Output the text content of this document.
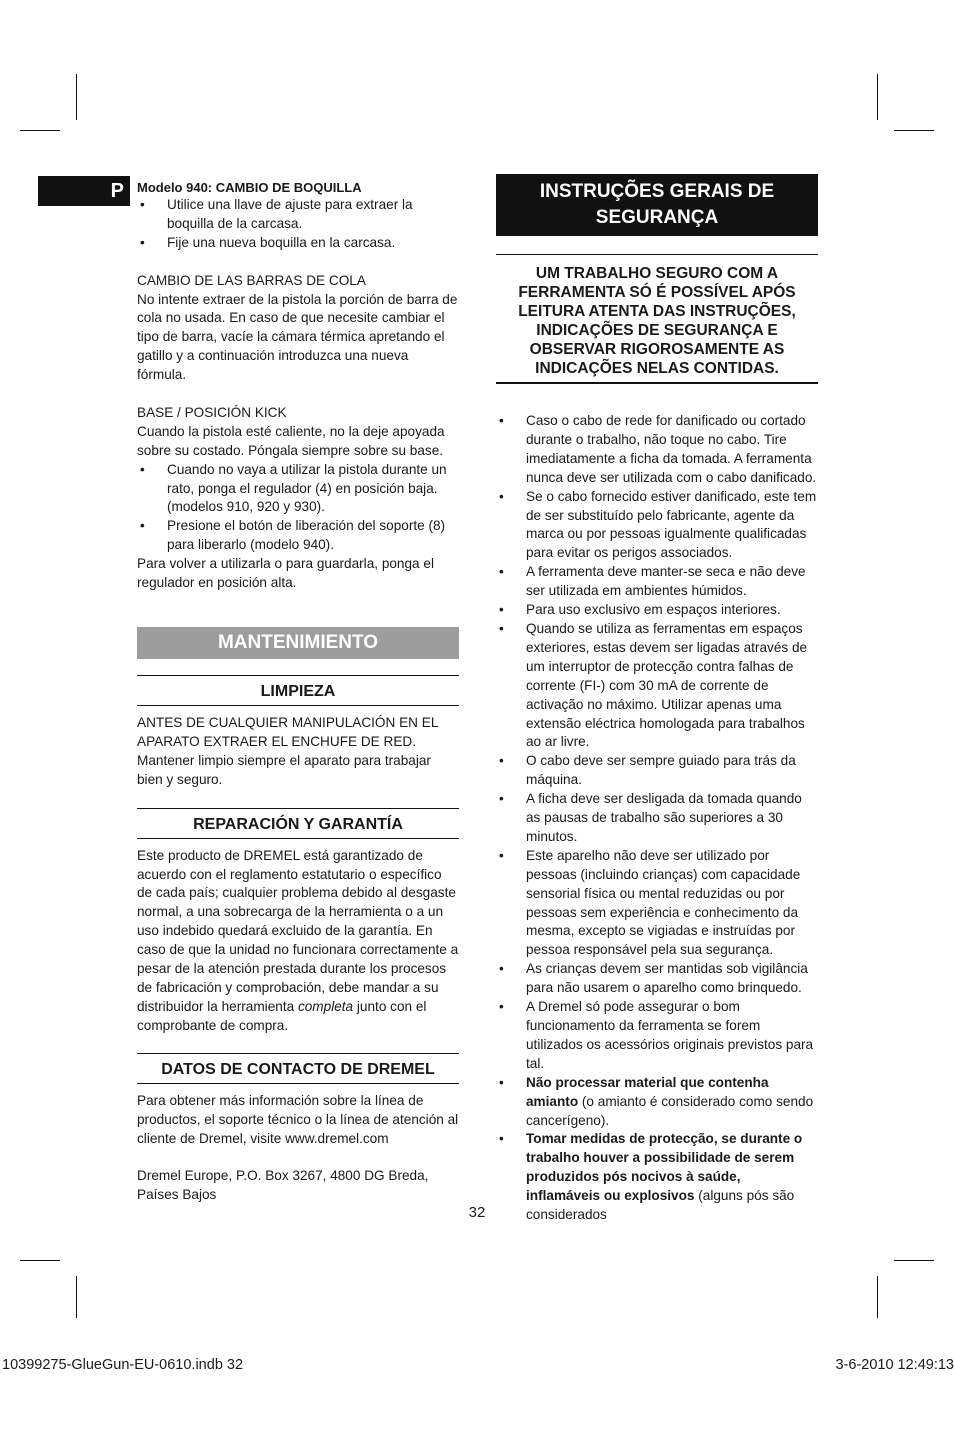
P Modelo 940: CAMBIO DE BOQUILLA

• Utilice una llave de ajuste para extraer la boquilla de la carcasa.
• Fije una nueva boquilla en la carcasa.

CAMBIO DE LAS BARRAS DE COLA

No intente extraer de la pistola la porción de barra de cola no usada. En caso de que necesite cambiar el tipo de barra, vacíe la cámara térmica apretando el gatillo y a continuación introduzca una nueva fórmula.

BASE / POSICIÓN KICK

Cuando la pistola esté caliente, no la deje apoyada sobre su costado. Póngala siempre sobre su base.

• Cuando no vaya a utilizar la pistola durante un rato, ponga el regulador (4) en posición baja. (modelos 910, 920 y 930).
• Presione el botón de liberación del soporte (8) para liberarlo (modelo 940).

Para volver a utilizarla o para guardarla, ponga el regulador en posición alta.

MANTENIMIENTO
LIMPIEZA

ANTES DE CUALQUIER MANIPULACIÓN EN EL APARATO EXTRAER EL ENCHUFE DE RED. Mantener limpio siempre el aparato para trabajar bien y seguro.

REPARACIÓN Y GARANTÍA

Este producto de DREMEL está garantizado de acuerdo con el reglamento estatutario o específico de cada país; cualquier problema debido al desgaste normal, a una sobrecarga de la herramienta o a un uso indebido quedará excluido de la garantía. En caso de que la unidad no funcionara correctamente a pesar de la atención prestada durante los procesos de fabricación y comprobación, debe mandar a su distribuidor la herramienta completa junto con el comprobante de compra.

DATOS DE CONTACTO DE DREMEL

Para obtener más información sobre la línea de productos, el soporte técnico o la línea de atención al cliente de Dremel, visite www.dremel.com

Dremel Europe, P.O. Box 3267, 4800 DG Breda, Países Bajos

INSTRUÇÕES GERAIS DE SEGURANÇA
UM TRABALHO SEGURO COM A FERRAMENTA SÓ É POSSÍVEL APÓS LEITURA ATENTA DAS INSTRUÇÕES, INDICAÇÕES DE SEGURANÇA E OBSERVAR RIGOROSAMENTE AS INDICAÇÕES NELAS CONTIDAS.
• Caso o cabo de rede for danificado ou cortado durante o trabalho, não toque no cabo. Tire imediatamente a ficha da tomada. A ferramenta nunca deve ser utilizada com o cabo danificado.
• Se o cabo fornecido estiver danificado, este tem de ser substituído pelo fabricante, agente da marca ou por pessoas igualmente qualificadas para evitar os perigos associados.
• A ferramenta deve manter-se seca e não deve ser utilizada em ambientes húmidos.
• Para uso exclusivo em espaços interiores.
• Quando se utiliza as ferramentas em espaços exteriores, estas devem ser ligadas através de um interruptor de protecção contra falhas de corrente (FI-) com 30 mA de corrente de activação no máximo. Utilizar apenas uma extensão eléctrica homologada para trabalhos ao ar livre.
• O cabo deve ser sempre guiado para trás da máquina.
• A ficha deve ser desligada da tomada quando as pausas de trabalho são superiores a 30 minutos.
• Este aparelho não deve ser utilizado por pessoas (incluindo crianças) com capacidade sensorial física ou mental reduzidas ou por pessoas sem experiência e conhecimento da mesma, excepto se vigiadas e instruídas por pessoa responsável pela sua segurança.
• As crianças devem ser mantidas sob vigilância para não usarem o aparelho como brinquedo.
• A Dremel só pode assegurar o bom funcionamento da ferramenta se forem utilizados os acessórios originais previstos para tal.
• Não processar material que contenha amianto (o amianto é considerado como sendo cancerígeno).
• Tomar medidas de protecção, se durante o trabalho houver a possibilidade de serem produzidos pós nocivos à saúde, inflamáveis ou explosivos (alguns pós são considerados
32
10399275-GlueGun-EU-0610.indb 32	3-6-2010 12:49:13
